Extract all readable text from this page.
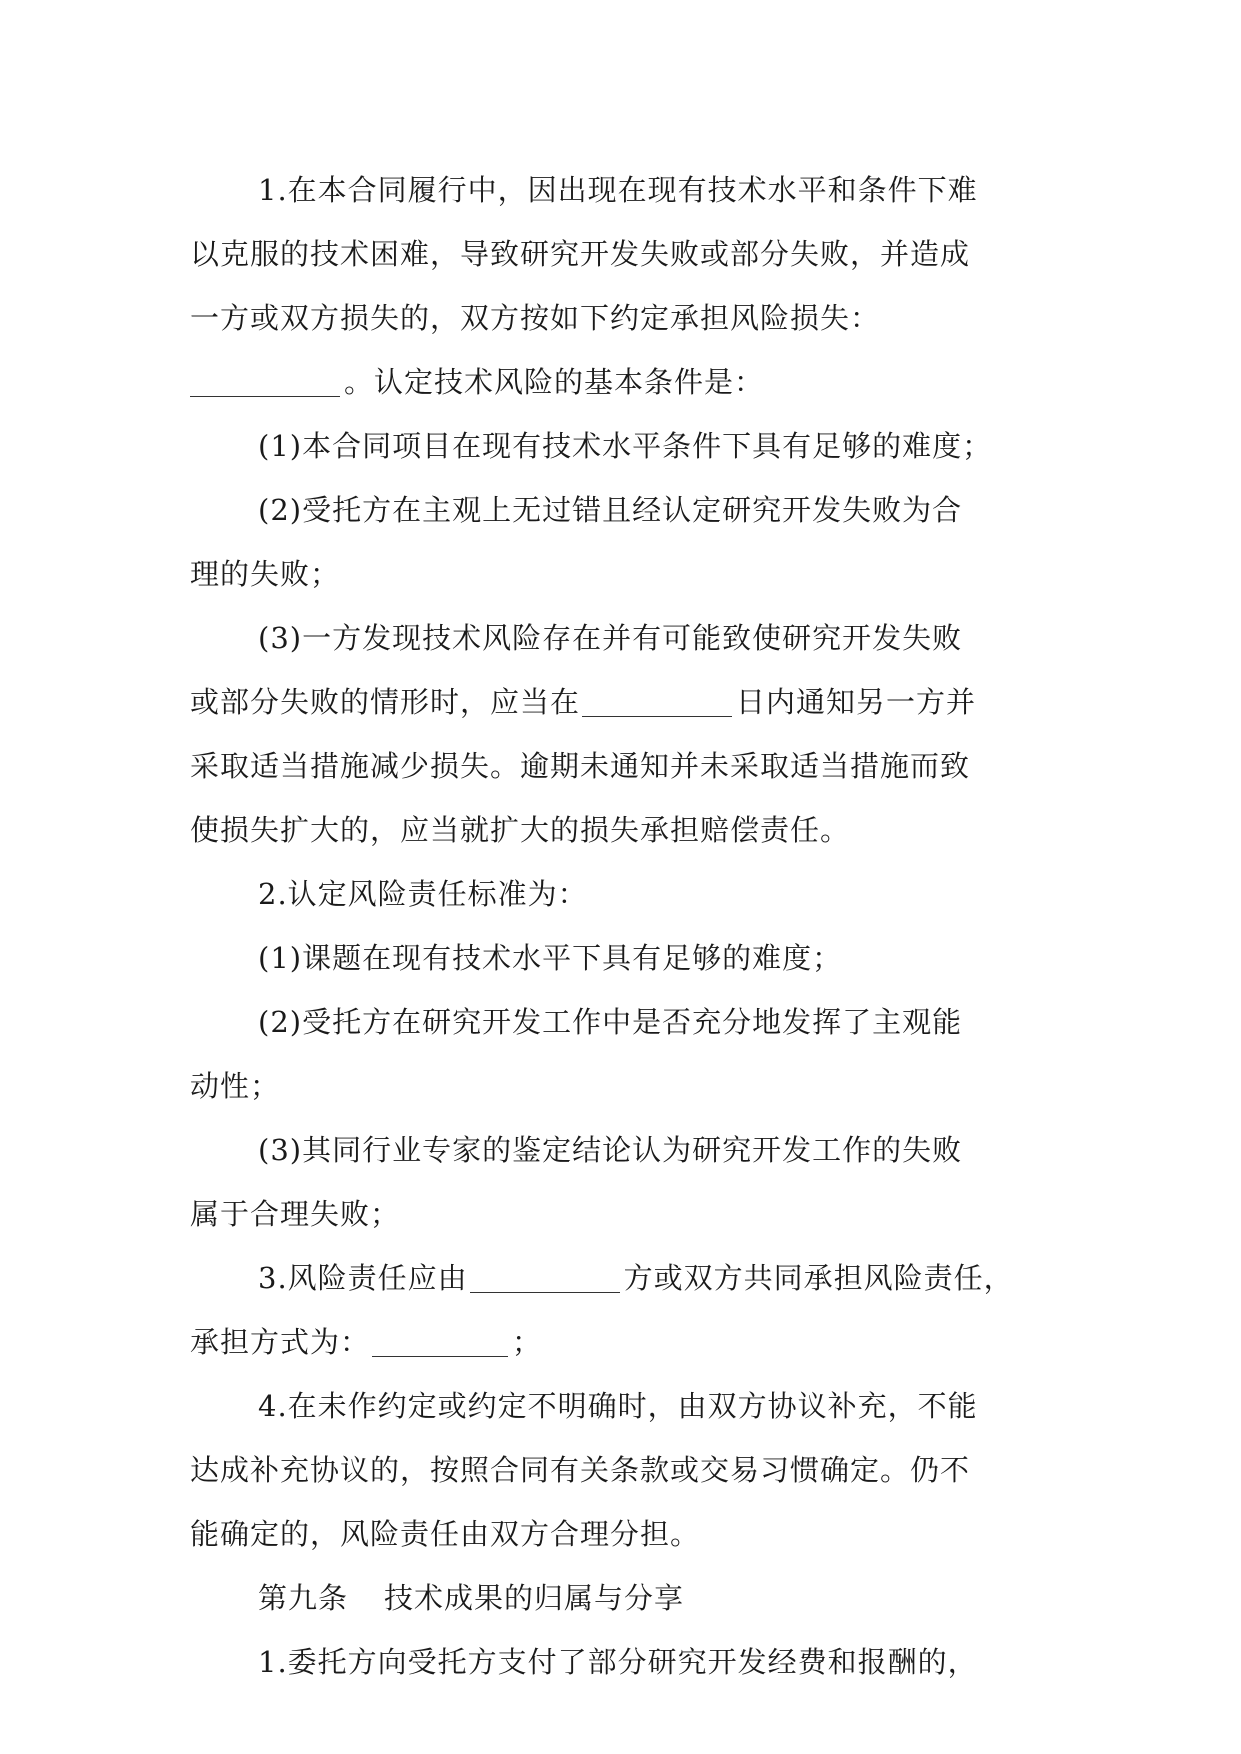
1.在本合同履行中，因出现在现有技术水平和条件下难
以克服的技术困难，导致研究开发失败或部分失败，并造成
一方或双方损失的，双方按如下约定承担风险损失：
。认定技术风险的基本条件是：
(1)本合同项目在现有技术水平条件下具有足够的难度；
(2)受托方在主观上无过错且经认定研究开发失败为合
理的失败；
(3)一方发现技术风险存在并有可能致使研究开发失败
或部分失败的情形时，应当在	日内通知另一方并
采取适当措施减少损失。逾期未通知并未采取适当措施而致
使损失扩大的，应当就扩大的损失承担赔偿责任。
2.认定风险责任标准为：
(1)课题在现有技术水平下具有足够的难度；
(2)受托方在研究开发工作中是否充分地发挥了主观能
动性；
(3)其同行业专家的鉴定结论认为研究开发工作的失败
属于合理失败；
3.风险责任应由	方或双方共同承担风险责任，
承担方式为：	；
4.在未作约定或约定不明确时，由双方协议补充，不能
达成补充协议的，按照合同有关条款或交易习惯确定。仍不
能确定的，风险责任由双方合理分担。
第九条 技术成果的归属与分享
1.委托方向受托方支付了部分研究开发经费和报酬的，
